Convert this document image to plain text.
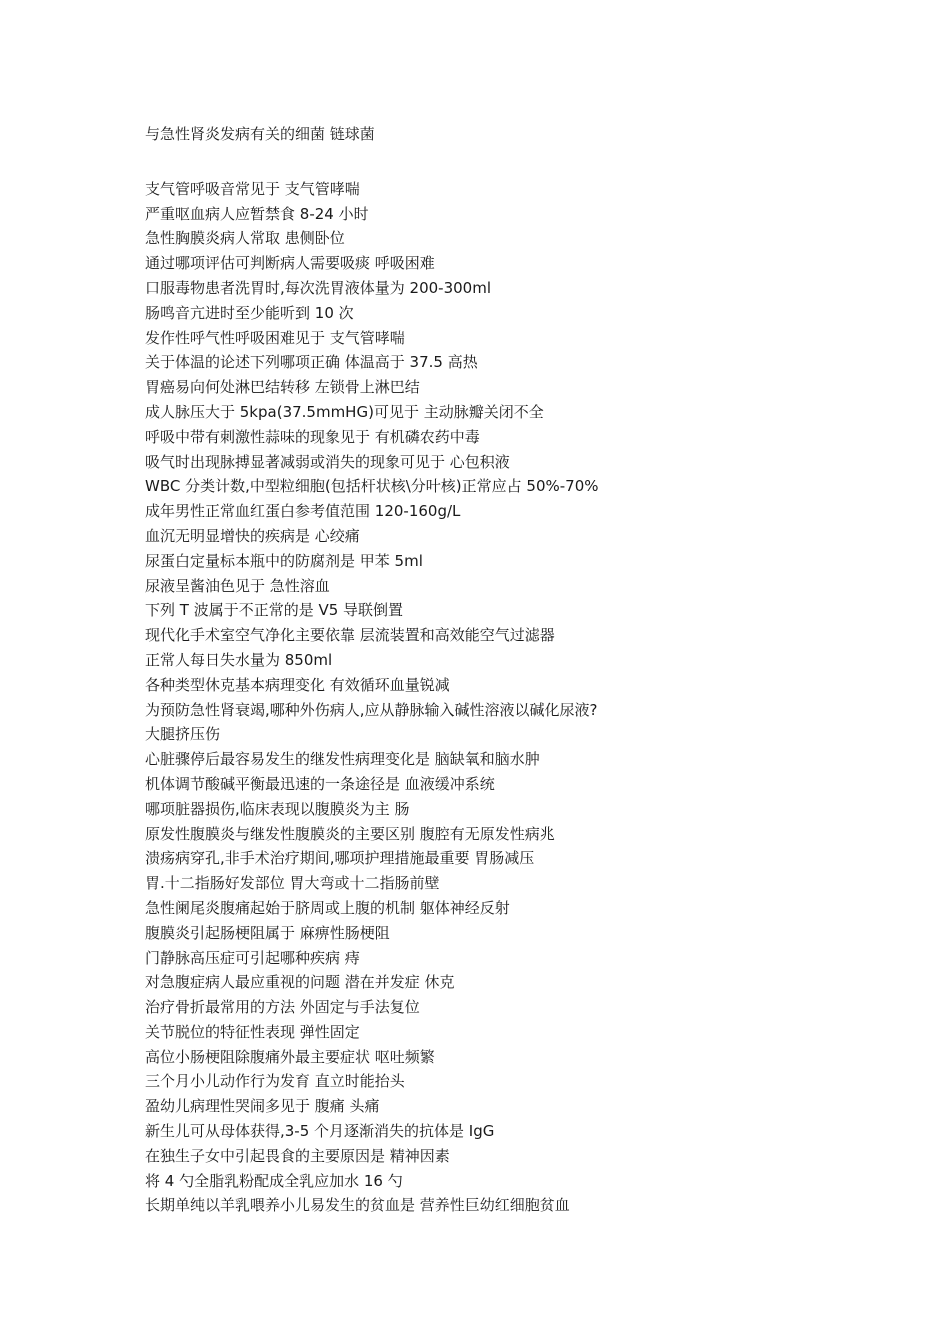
与急性肾炎发病有关的细菌 链球菌
支气管呼吸音常见于 支气管哮喘
严重呕血病人应暂禁食 8-24 小时
急性胸膜炎病人常取 患侧卧位
通过哪项评估可判断病人需要吸痰 呼吸困难
口服毒物患者洗胃时,每次洗胃液体量为 200-300ml
肠鸣音亢进时至少能听到 10 次
发作性呼气性呼吸困难见于 支气管哮喘
关于体温的论述下列哪项正确 体温高于 37.5 高热
胃癌易向何处淋巴结转移 左锁骨上淋巴结
成人脉压大于 5kpa(37.5mmHG)可见于 主动脉瓣关闭不全
呼吸中带有刺激性蒜味的现象见于 有机磷农药中毒
吸气时出现脉搏显著减弱或消失的现象可见于 心包积液
WBC 分类计数,中型粒细胞(包括杆状核\分叶核)正常应占 50%-70%
成年男性正常血红蛋白参考值范围 120-160g/L
血沉无明显增快的疾病是 心绞痛
尿蛋白定量标本瓶中的防腐剂是 甲苯 5ml
尿液呈酱油色见于 急性溶血
下列 T 波属于不正常的是 V5 导联倒置
现代化手术室空气净化主要依靠 层流装置和高效能空气过滤器
正常人每日失水量为 850ml
各种类型休克基本病理变化 有效循环血量锐减
为预防急性肾衰竭,哪种外伤病人,应从静脉输入碱性溶液以碱化尿液?
大腿挤压伤
心脏骤停后最容易发生的继发性病理变化是 脑缺氧和脑水肿
机体调节酸碱平衡最迅速的一条途径是 血液缓冲系统
哪项脏器损伤,临床表现以腹膜炎为主 肠
原发性腹膜炎与继发性腹膜炎的主要区别 腹腔有无原发性病兆
溃疡病穿孔,非手术治疗期间,哪项护理措施最重要 胃肠减压
胃.十二指肠好发部位 胃大弯或十二指肠前壁
急性阑尾炎腹痛起始于脐周或上腹的机制 躯体神经反射
腹膜炎引起肠梗阻属于 麻痹性肠梗阻
门静脉高压症可引起哪种疾病 痔
对急腹症病人最应重视的问题 潜在并发症 休克
治疗骨折最常用的方法 外固定与手法复位
关节脱位的特征性表现 弹性固定
高位小肠梗阻除腹痛外最主要症状 呕吐频繁
三个月小儿动作行为发育 直立时能抬头
盈幼儿病理性哭闹多见于 腹痛 头痛
新生儿可从母体获得,3-5 个月逐渐消失的抗体是 IgG
在独生子女中引起畏食的主要原因是 精神因素
将 4 勺全脂乳粉配成全乳应加水 16 勺
长期单纯以羊乳喂养小儿易发生的贫血是 营养性巨幼红细胞贫血
